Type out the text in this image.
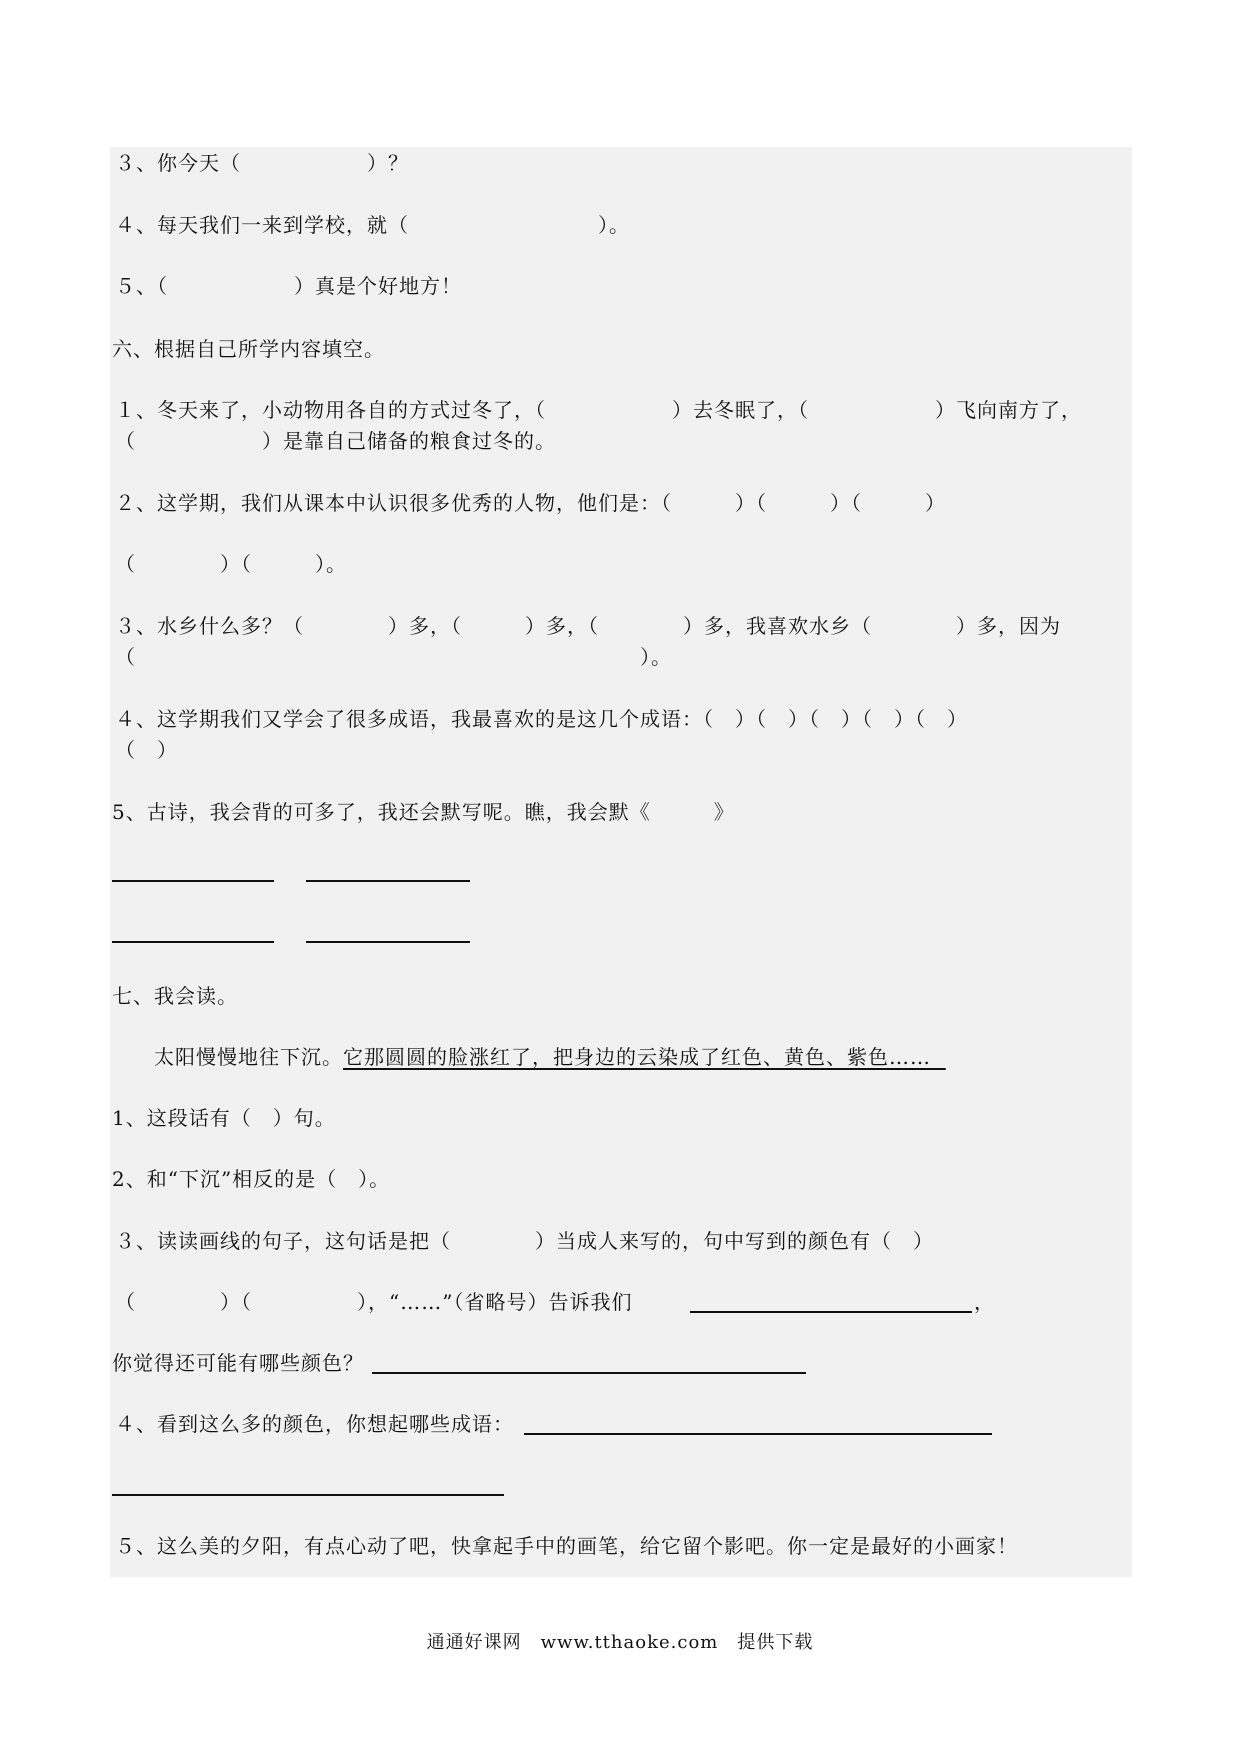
３、你今天（　　　　　　）？
４、每天我们一来到学校，就（　　　　　　　　　）。
５、（　　　　　　）真是个好地方！
六、根据自己所学内容填空。
１、冬天来了，小动物用各自的方式过冬了，（　　　　　　）去冬眠了，（　　　　　　）飞向南方了，
（　　　　　　）是靠自己储备的粮食过冬的。
２、这学期，我们从课本中认识很多优秀的人物，他们是：（　　　）（　　　）（　　　）
（　　　　）（　　　）。
３、水乡什么多？（　　　　）多，（　　　）多，（　　　　）多，我喜欢水乡（　　　　）多，因为
（　　　　　　　　　　　　　　　　　　　　　　　　）。
４、这学期我们又学会了很多成语，我最喜欢的是这几个成语：（　）（　）（　）（　）（　）
（　）
5、古诗，我会背的可多了，我还会默写呢。瞧，我会默《　　　》
七、我会读。
太阳慢慢地往下沉。它那圆圆的脸涨红了，把身边的云染成了红色、黄色、紫色……
1、这段话有（　）句。
2、和“下沉”相反的是（　）。
３、读读画线的句子，这句话是把（　　　　）当成人来写的，句中写到的颜色有（　）
（　　　　）（　　　　　），“……”（省略号）告诉我们	，
你觉得还可能有哪些颜色？
４、看到这么多的颜色，你想起哪些成语：
５、这么美的夕阳，有点心动了吧，快拿起手中的画笔，给它留个影吧。你一定是最好的小画家！
通通好课网　www.tthaoke.com　提供下载
